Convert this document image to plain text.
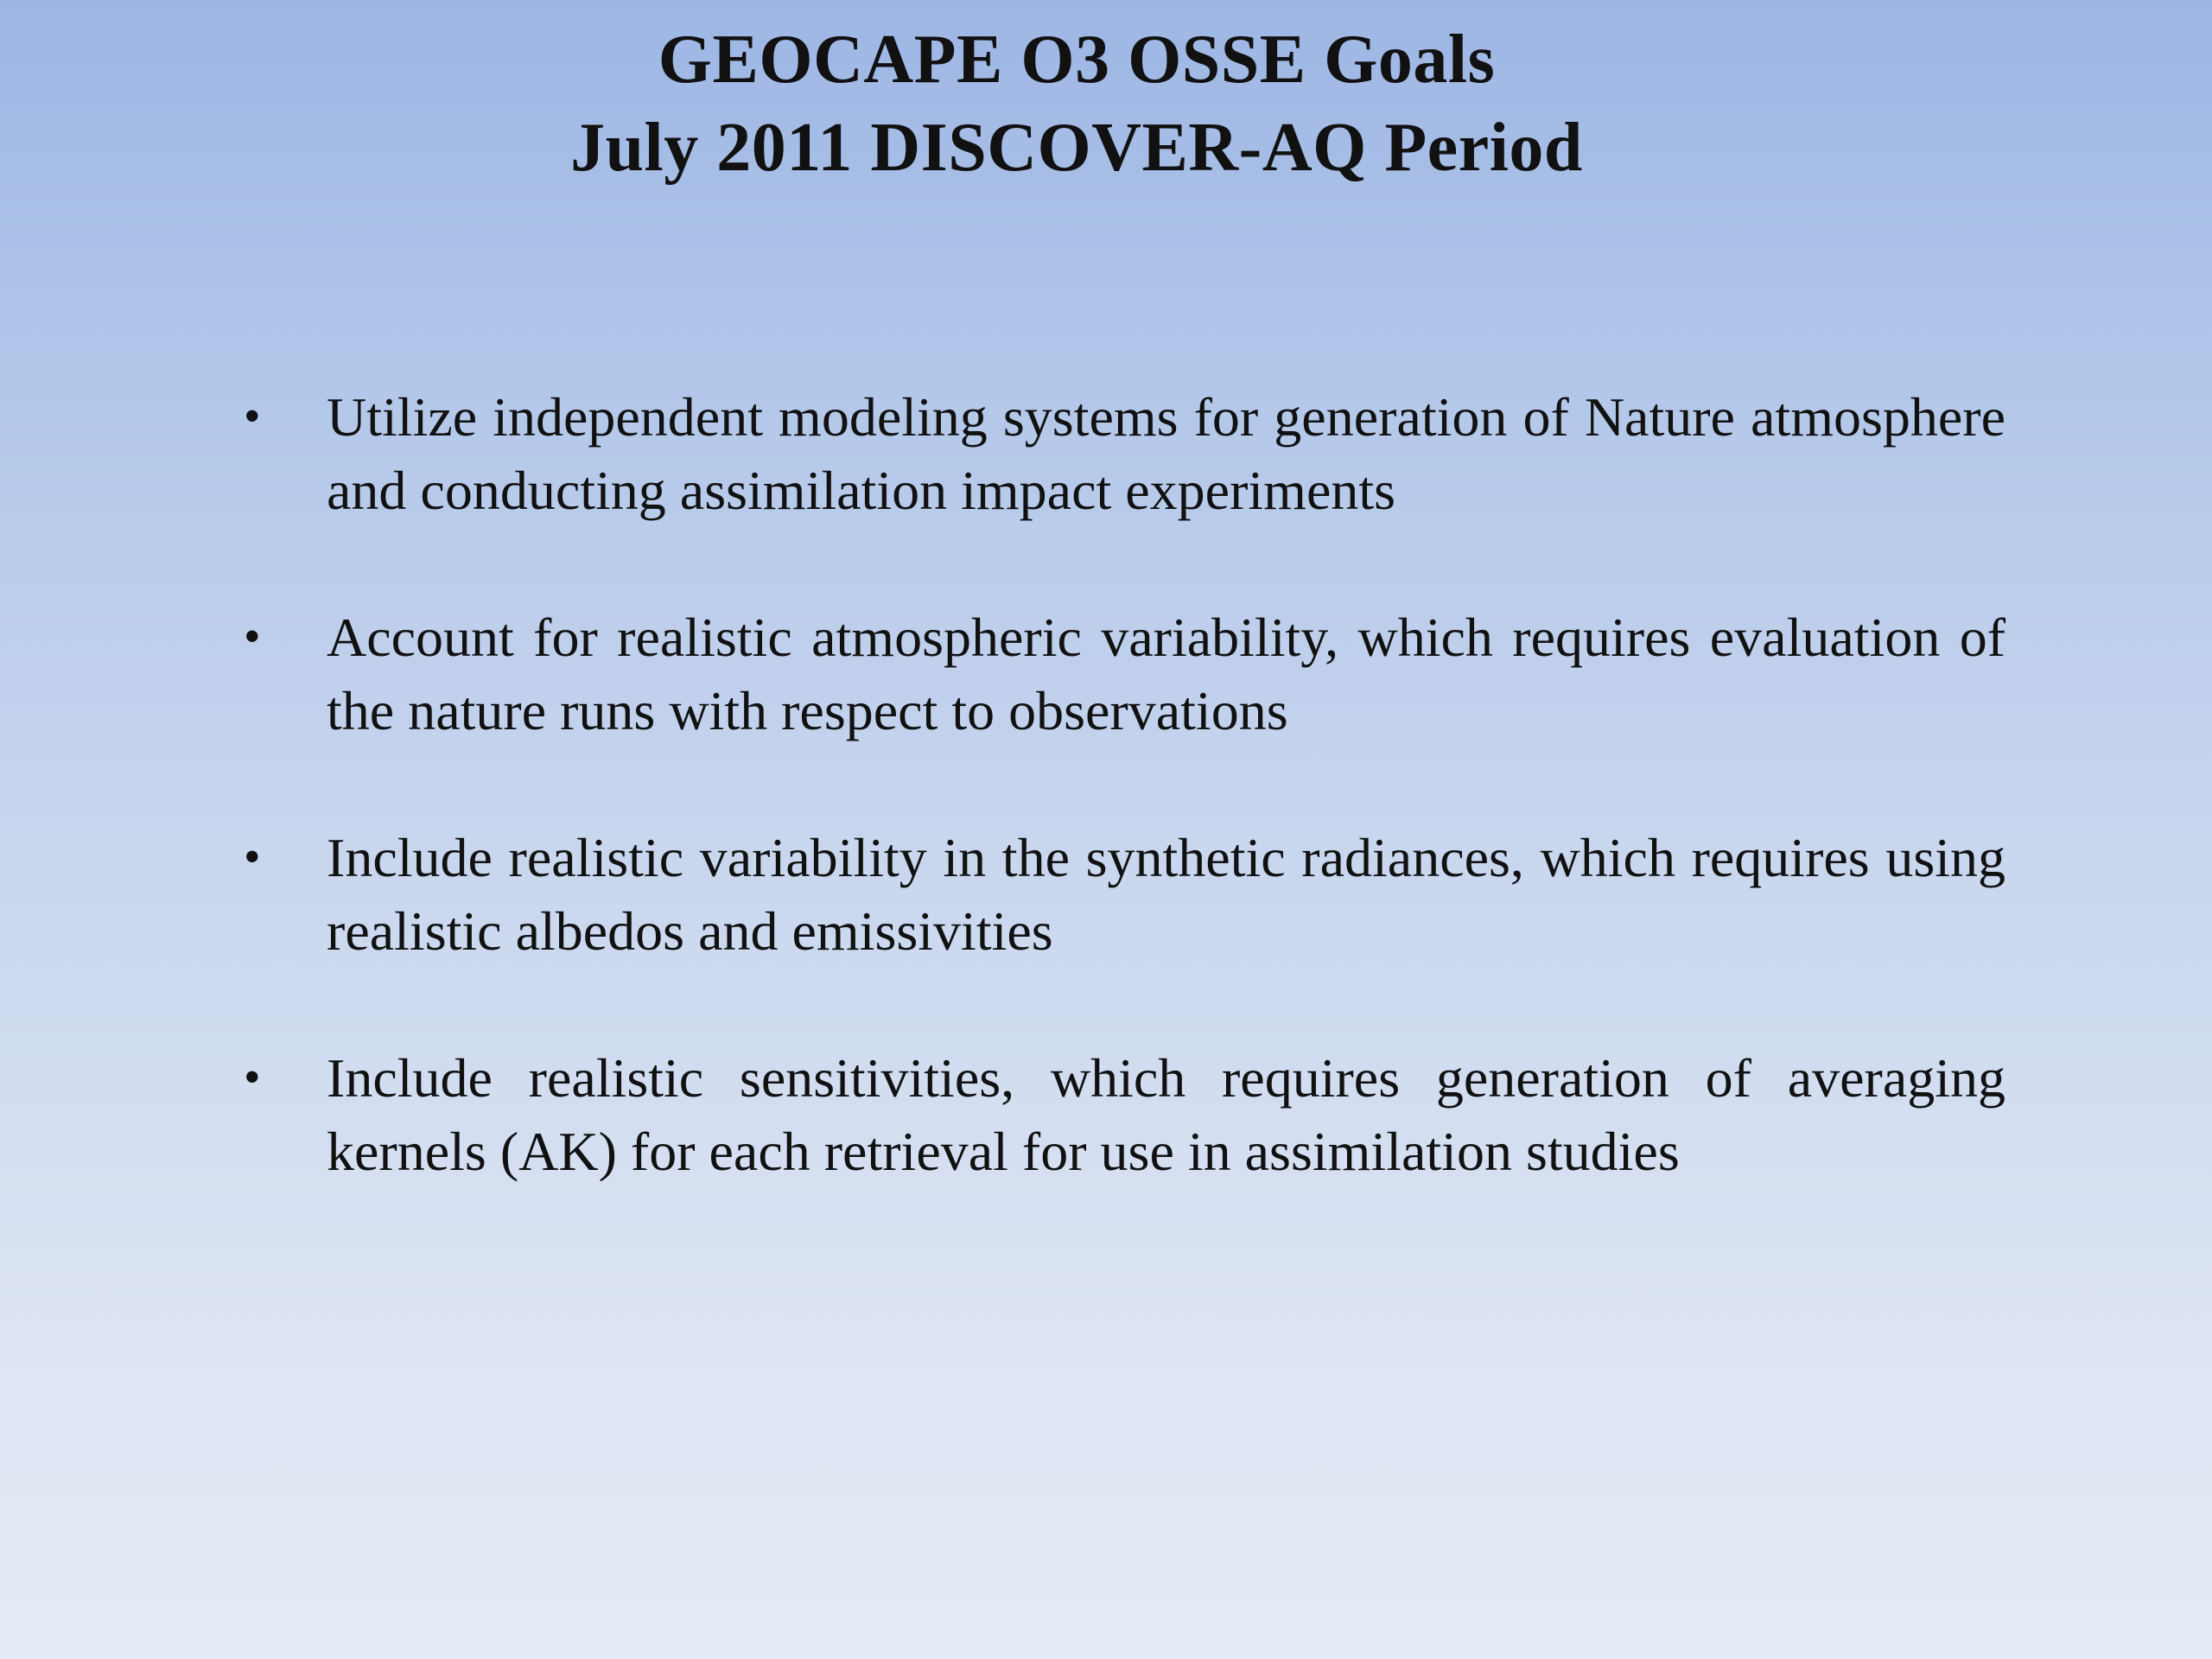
GEOCAPE O3 OSSE Goals
July 2011 DISCOVER-AQ Period
• Utilize independent modeling systems for generation of Nature atmosphere and conducting assimilation impact experiments
• Account for realistic atmospheric variability, which requires evaluation of the nature runs with respect to observations
• Include realistic variability in the synthetic radiances, which requires using realistic albedos and emissivities
• Include realistic sensitivities, which requires generation of averaging kernels (AK) for each retrieval for use in assimilation studies
